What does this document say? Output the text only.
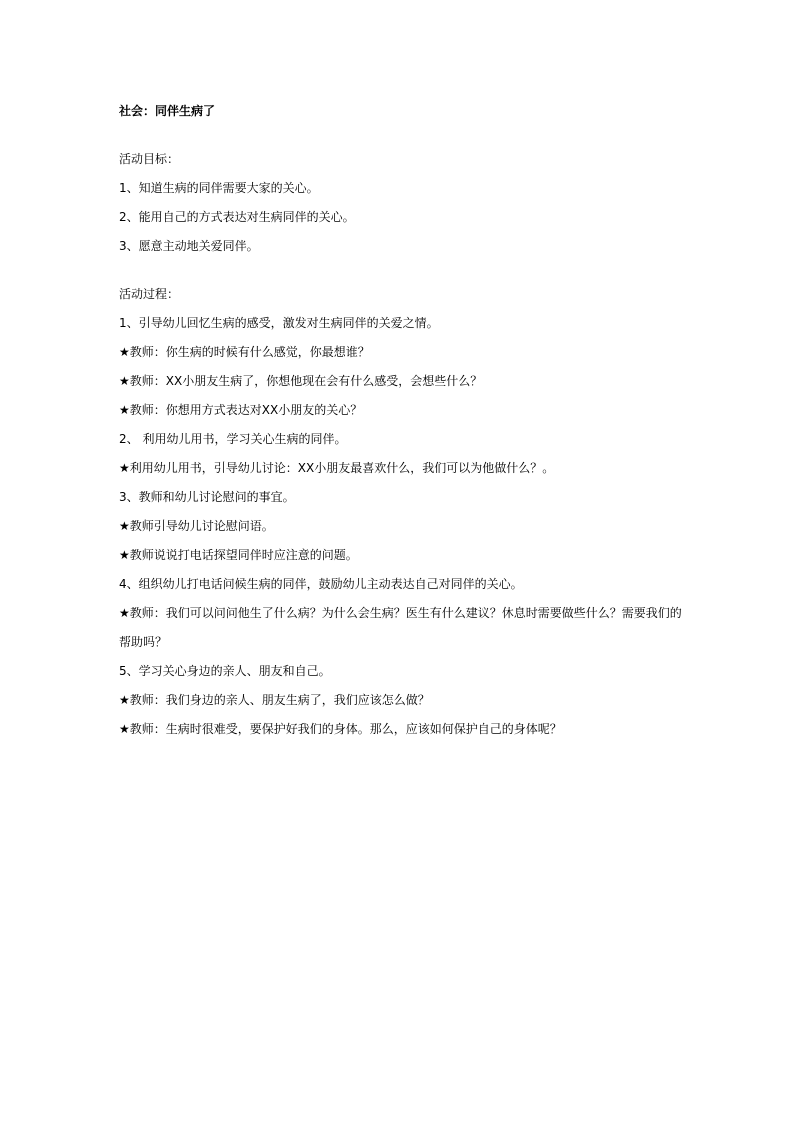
社会：同伴生病了

活动目标：

1、知道生病的同伴需要大家的关心。

2、能用自己的方式表达对生病同伴的关心。

3、愿意主动地关爱同伴。

活动过程：

1、引导幼儿回忆生病的感受，激发对生病同伴的关爱之情。

★教师：你生病的时候有什么感觉，你最想谁？

★教师：XX小朋友生病了，你想他现在会有什么感受，会想些什么？

★教师：你想用方式表达对XX小朋友的关心？

2、 利用幼儿用书，学习关心生病的同伴。

★利用幼儿用书，引导幼儿讨论：XX小朋友最喜欢什么，我们可以为他做什么？。

3、教师和幼儿讨论慰问的事宜。

★教师引导幼儿讨论慰问语。

★教师说说打电话探望同伴时应注意的问题。

4、组织幼儿打电话问候生病的同伴，鼓励幼儿主动表达自己对同伴的关心。

★教师：我们可以问问他生了什么病？为什么会生病？医生有什么建议？休息时需要做些什么？需要我们的帮助吗？

5、学习关心身边的亲人、朋友和自己。

★教师：我们身边的亲人、朋友生病了，我们应该怎么做？

★教师：生病时很难受，要保护好我们的身体。那么，应该如何保护自己的身体呢？
